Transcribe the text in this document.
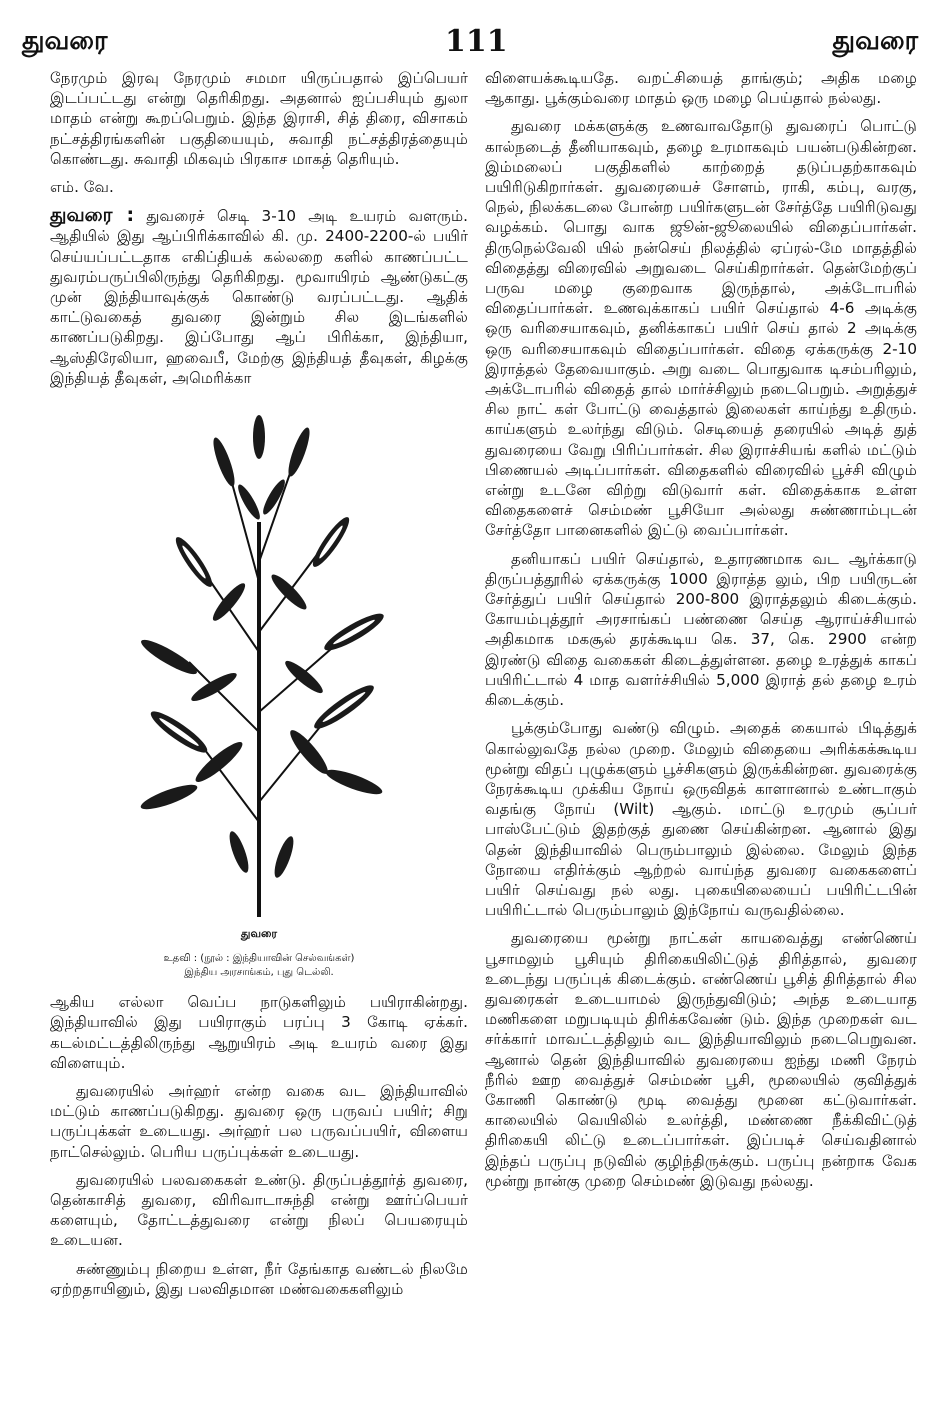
துவரை	111	துவரை

நேரமும் இரவு நேரமும் சமமா யிருப்பதால் இப்பெயர் இடப்பட்டது என்று தெரிகிறது. அதனால் ஐப்பசியும் துலா மாதம் என்று கூறப்பெறும். இந்த இராசி, சித் திரை, விசாகம் நட்சத்திரங்களின் பகுதியையும், சுவாதி நட்சத்திரத்தையும் கொண்டது. சுவாதி மிகவும் பிரகாச மாகத் தெரியும்.

எம். வே.

துவரை : துவரைச் செடி 3-10 அடி உயரம் வளரும். ஆதியில் இது ஆப்பிரிக்காவில் கி. மு. 2400-2200-ல் பயிர் செய்யப்பட்டதாக எகிப்தியக் கல்லறை களில் காணப்பட்ட துவரம்பருப்பிலிருந்து தெரிகிறது. மூவாயிரம் ஆண்டுகட்கு முன் இந்தியாவுக்குக் கொண்டு வரப்பட்டது. ஆதிக் காட்டுவகைத் துவரை இன்றும் சில இடங்களில் காணப்படுகிறது. இப்போது ஆப் பிரிக்கா, இந்தியா, ஆஸ்திரேலியா, ஹவைபீ, மேற்கு இந்தியத் தீவுகள், கிழக்கு இந்தியத் தீவுகள், அமெரிக்கா

துவரை
உதவி : (நூல் : இந்தியாவின் செல்வங்கள்)
இந்திய அரசாங்கம், புது டெல்லி.

ஆகிய எல்லா வெப்ப நாடுகளிலும் பயிராகின்றது. இந்தியாவில் இது பயிராகும் பரப்பு 3 கோடி ஏக்கர். கடல்மட்டத்திலிருந்து ஆறுயிரம் அடி உயரம் வரை இது விளையும்.

துவரையில் அர்ஹர் என்ற வகை வட இந்தியாவில் மட்டும் காணப்படுகிறது. துவரை ஒரு பருவப் பயிர்; சிறு பருப்புக்கள் உடையது. அர்ஹர் பல பருவப்பயிர், விளைய நாட்செல்லும். பெரிய பருப்புக்கள் உடையது.

துவரையில் பலவகைகள் உண்டு. திருப்பத்தூர்த் துவரை, தென்காசித் துவரை, விரிவாடாசுந்தி என்று ஊர்ப்பெயர் களையும், தோட்டத்துவரை என்று நிலப் பெயரையும் உடையன.

சுண்ணும்பு நிறைய உள்ள, நீர் தேங்காத வண்டல் நிலமே ஏற்றதாயினும், இது பலவிதமான மண்வகைகளிலும்

விளையக்கூடியதே. வறட்சியைத் தாங்கும்; அதிக மழை ஆகாது. பூக்கும்வரை மாதம் ஒரு மழை பெய்தால் நல்லது.

துவரை மக்களுக்கு உணவாவதோடு துவரைப் பொட்டு கால்நடைத் தீனியாகவும், தழை உரமாகவும் பயன்படுகின்றன. இம்மலைப் பகுதிகளில் காற்றைத் தடுப்பதற்காகவும் பயிரிடுகிறார்கள். துவரையைச் சோளம், ராகி, கம்பு, வரகு, நெல், நிலக்கடலை போன்ற பயிர்களுடன் சேர்த்தே பயிரிடுவது வழக்கம். பொது வாக ஜூன்-ஜூலையில் விதைப்பார்கள். திருநெல்வேலி யில் நன்செய் நிலத்தில் ஏப்ரல்-மே மாதத்தில் விதைத்து விரைவில் அறுவடை செய்கிறார்கள். தென்மேற்குப் பருவ மழை குறைவாக இருந்தால், அக்டோபரில் விதைப்பார்கள். உணவுக்காகப் பயிர் செய்தால் 4-6 அடிக்கு ஒரு வரிசையாகவும், தனிக்காகப் பயிர் செய் தால் 2 அடிக்கு ஒரு வரிசையாகவும் விதைப்பார்கள். விதை ஏக்கருக்கு 2-10 இராத்தல் தேவையாகும். அறு வடை பொதுவாக டிசம்பரிலும், அக்டோபரில் விதைத் தால் மார்ச்சிலும் நடைபெறும். அறுத்துச் சில நாட் கள் போட்டு வைத்தால் இலைகள் காய்ந்து உதிரும். காய்களும் உலர்ந்து விடும். செடியைத் தரையில் அடித் துத் துவரையை வேறு பிரிப்பார்கள். சில இராச்சியங் களில் மட்டும் பிணையல் அடிப்பார்கள். விதைகளில் விரைவில் பூச்சி விழும் என்று உடனே விற்று விடுவார் கள். விதைக்காக உள்ள விதைகளைச் செம்மண் பூசியோ அல்லது சுண்ணாம்புடன் சேர்த்தோ பானைகளில் இட்டு வைப்பார்கள்.

தனியாகப் பயிர் செய்தால், உதாரணமாக வட ஆர்க்காடு திருப்பத்தூரில் ஏக்கருக்கு 1000 இராத்த லும், பிற பயிருடன் சேர்த்துப் பயிர் செய்தால் 200-800 இராத்தலும் கிடைக்கும். கோயம்புத்தூர் அரசாங்கப் பண்ணை செய்த ஆராய்ச்சியால் அதிகமாக மகசூல் தரக்கூடிய கெ. 37, கெ. 2900 என்ற இரண்டு விதை வகைகள் கிடைத்துள்ளன. தழை உரத்துக் காகப் பயிரிட்டால் 4 மாத வளர்ச்சியில் 5,000 இராத் தல் தழை உரம் கிடைக்கும்.

பூக்கும்போது வண்டு விழும். அதைக் கையால் பிடித்துக் கொல்லுவதே நல்ல முறை. மேலும் விதையை அரிக்கக்கூடிய மூன்று விதப் புழுக்களும் பூச்சிகளும் இருக்கின்றன. துவரைக்கு நேரக்கூடிய முக்கிய நோய் ஒருவிதக் காளானால் உண்டாகும் வதங்கு நோய் (Wilt) ஆகும். மாட்டு உரமும் சூப்பர் பாஸ்பேட்டும் இதற்குத் துணை செய்கின்றன. ஆனால் இது தென் இந்தியாவில் பெரும்பாலும் இல்லை. மேலும் இந்த நோயை எதிர்க்கும் ஆற்றல் வாய்ந்த துவரை வகைகளைப் பயிர் செய்வது நல் லது. புகையிலையைப் பயிரிட்டபின் பயிரிட்டால் பெரும்பாலும் இந்நோய் வருவதில்லை.

துவரையை மூன்று நாட்கள் காயவைத்து எண்ணெய் பூசாமலும் பூசியும் திரிகையிலிட்டுத் திரித்தால், துவரை உடைந்து பருப்புக் கிடைக்கும். எண்ணெய் பூசித் திரித்தால் சில துவரைகள் உடையாமல் இருந்துவிடும்; அந்த உடையாத மணிகளை மறுபடியும் திரிக்கவேண் டும். இந்த முறைகள் வட சர்க்கார் மாவட்டத்திலும் வட இந்தியாவிலும் நடைபெறுவன. ஆனால் தென் இந்தியாவில் துவரையை ஐந்து மணி நேரம் நீரில் ஊற வைத்துச் செம்மண் பூசி, மூலையில் குவித்துக் கோணி கொண்டு மூடி வைத்து மூனை கட்டுவார்கள். காலையில் வெயிலில் உலர்த்தி, மண்ணை நீக்கிவிட்டுத் திரிகையி லிட்டு உடைப்பார்கள். இப்படிச் செய்வதினால் இந்தப் பருப்பு நடுவில் குழிந்திருக்கும். பருப்பு நன்றாக வேக மூன்று நான்கு முறை செம்மண் இடுவது நல்லது.
